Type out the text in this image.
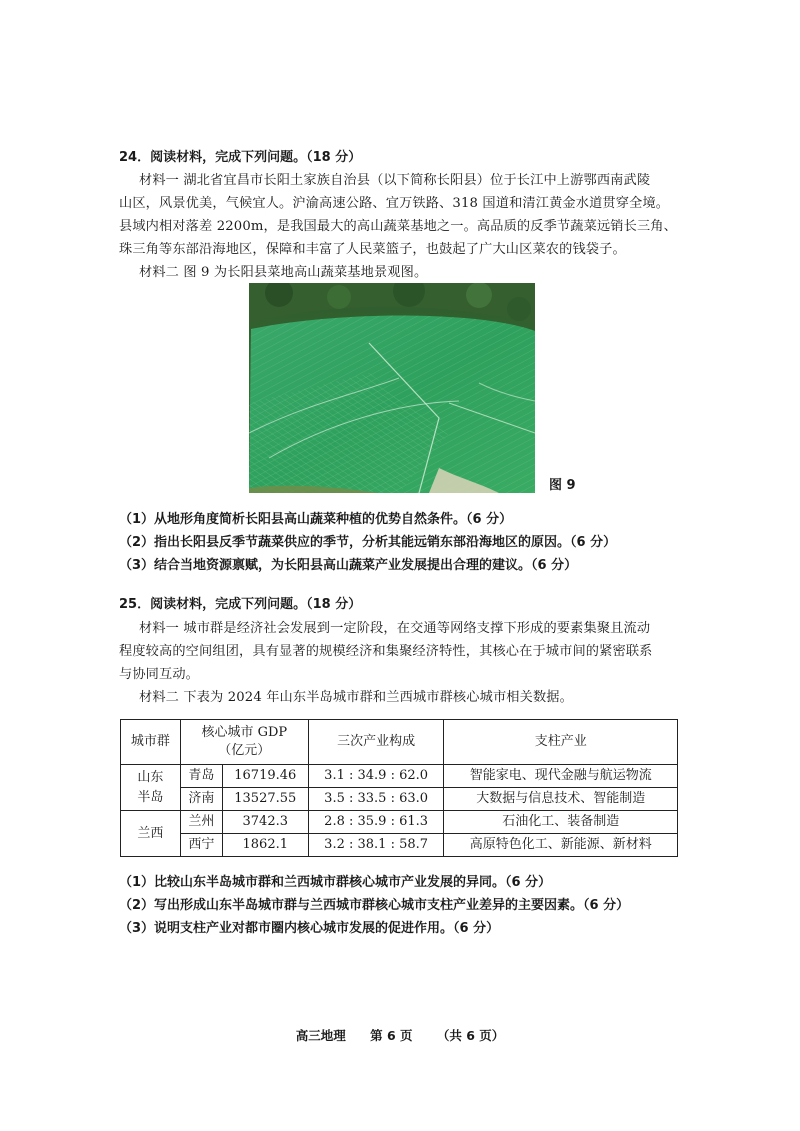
24．阅读材料，完成下列问题。（18 分）
材料一 湖北省宜昌市长阳土家族自治县（以下简称长阳县）位于长江中上游鄂西南武陵
山区，风景优美，气候宜人。沪渝高速公路、宜万铁路、318 国道和清江黄金水道贯穿全境。
县域内相对落差 2200m，是我国最大的高山蔬菜基地之一。高品质的反季节蔬菜远销长三角、
珠三角等东部沿海地区，保障和丰富了人民菜篮子，也鼓起了广大山区菜农的钱袋子。
材料二 图 9 为长阳县菜地高山蔬菜基地景观图。
图 9
（1）从地形角度简析长阳县高山蔬菜种植的优势自然条件。（6 分）
（2）指出长阳县反季节蔬菜供应的季节，分析其能远销东部沿海地区的原因。（6 分）
（3）结合当地资源禀赋，为长阳县高山蔬菜产业发展提出合理的建议。（6 分）
25．阅读材料，完成下列问题。（18 分）
材料一 城市群是经济社会发展到一定阶段，在交通等网络支撑下形成的要素集聚且流动
程度较高的空间组团，具有显著的规模经济和集聚经济特性，其核心在于城市间的紧密联系
与协同互动。
材料二 下表为 2024 年山东半岛城市群和兰西城市群核心城市相关数据。
城市群	核心城市 GDP
（亿元）		三次产业构成	支柱产业

山东
半岛	青岛	16719.46	3.1 : 34.9 : 62.0	智能家电、现代金融与航运物流
	济南	13527.55	3.5 : 33.5 : 63.0	大数据与信息技术、智能制造
兰西	兰州	3742.3	2.8 : 35.9 : 61.3	石油化工、装备制造
	西宁	1862.1	3.2 : 38.1 : 58.7	高原特色化工、新能源、新材料
（1）比较山东半岛城市群和兰西城市群核心城市产业发展的异同。（6 分）
（2）写出形成山东半岛城市群与兰西城市群核心城市支柱产业差异的主要因素。（6 分）
（3）说明支柱产业对都市圈内核心城市发展的促进作用。（6 分）
高三地理 第 6 页 （共 6 页）
